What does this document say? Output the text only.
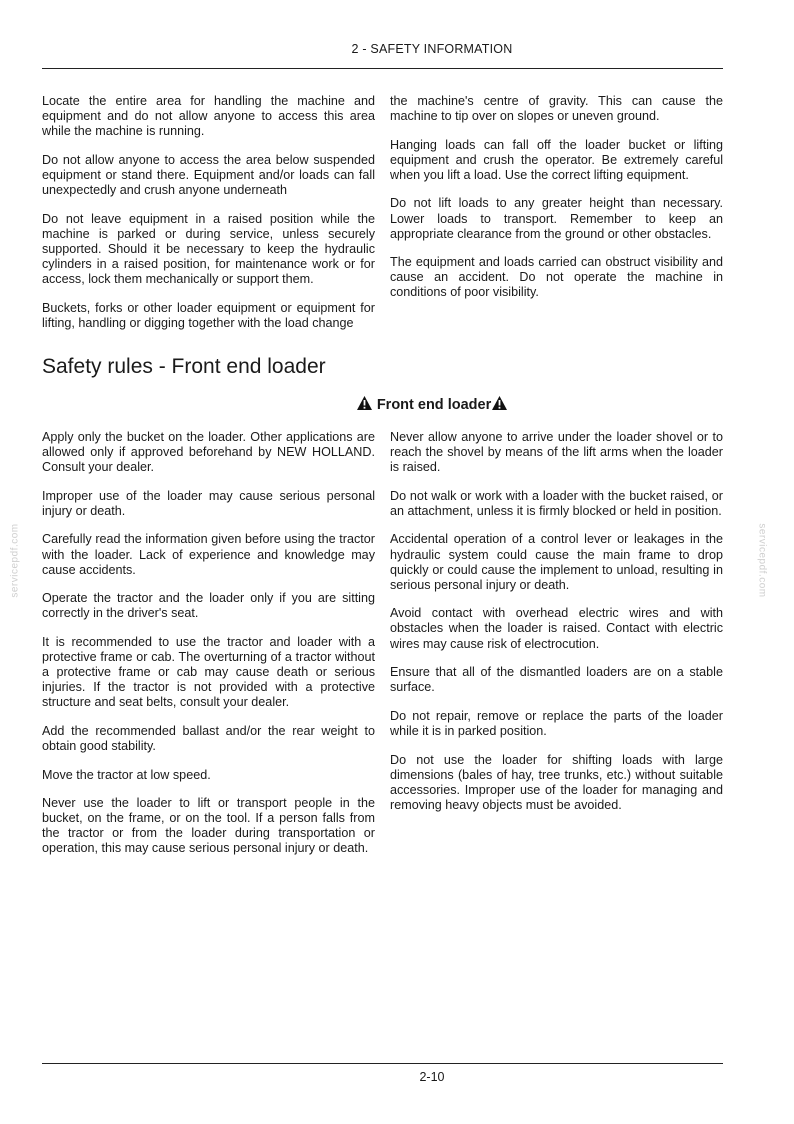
2 - SAFETY INFORMATION

Locate the entire area for handling the machine and equipment and do not allow anyone to access this area while the machine is running.

Do not allow anyone to access the area below suspended equipment or stand there. Equipment and/or loads can fall unexpectedly and crush anyone underneath

Do not leave equipment in a raised position while the machine is parked or during service, unless securely supported. Should it be necessary to keep the hydraulic cylinders in a raised position, for maintenance work or for access, lock them mechanically or support them.

Buckets, forks or other loader equipment or equipment for lifting, handling or digging together with the load change

the machine's centre of gravity. This can cause the machine to tip over on slopes or uneven ground.

Hanging loads can fall off the loader bucket or lifting equipment and crush the operator. Be extremely careful when you lift a load. Use the correct lifting equipment.

Do not lift loads to any greater height than necessary. Lower loads to transport. Remember to keep an appropriate clearance from the ground or other obstacles.

The equipment and loads carried can obstruct visibility and cause an accident. Do not operate the machine in conditions of poor visibility.

Safety rules - Front end loader
Front end loader

Apply only the bucket on the loader. Other applications are allowed only if approved beforehand by NEW HOLLAND. Consult your dealer.

Improper use of the loader may cause serious personal injury or death.

Carefully read the information given before using the tractor with the loader. Lack of experience and knowledge may cause accidents.

Operate the tractor and the loader only if you are sitting correctly in the driver's seat.

It is recommended to use the tractor and loader with a protective frame or cab. The overturning of a tractor without a protective frame or cab may cause death or serious injuries. If the tractor is not provided with a protective structure and seat belts, consult your dealer.

Add the recommended ballast and/or the rear weight to obtain good stability.

Move the tractor at low speed.

Never use the loader to lift or transport people in the bucket, on the frame, or on the tool. If a person falls from the tractor or from the loader during transportation or operation, this may cause serious personal injury or death.

Never allow anyone to arrive under the loader shovel or to reach the shovel by means of the lift arms when the loader is raised.

Do not walk or work with a loader with the bucket raised, or an attachment, unless it is firmly blocked or held in position.

Accidental operation of a control lever or leakages in the hydraulic system could cause the main frame to drop quickly or could cause the implement to unload, resulting in serious personal injury or death.

Avoid contact with overhead electric wires and with obstacles when the loader is raised. Contact with electric wires may cause risk of electrocution.

Ensure that all of the dismantled loaders are on a stable surface.

Do not repair, remove or replace the parts of the loader while it is in parked position.

Do not use the loader for shifting loads with large dimensions (bales of hay, tree trunks, etc.) without suitable accessories. Improper use of the loader for managing and removing heavy objects must be avoided.

servicepdf.com	servicepdf.com
2-10
